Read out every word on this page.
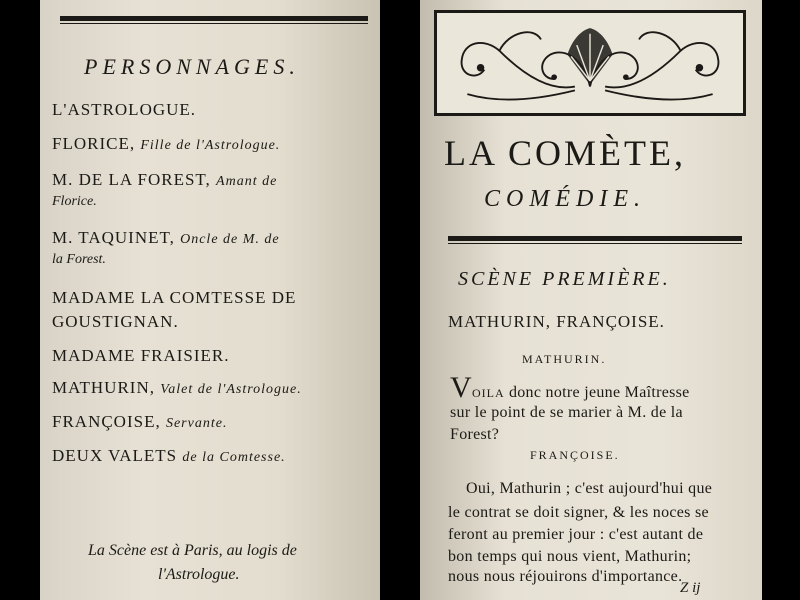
PERSONNAGES.
L'ASTROLOGUE.
FLORICE, Fille de l'Astrologue.
M. DE LA FOREST, Amant de
Florice.
M. TAQUINET, Oncle de M. de
la Forest.
MADAME LA COMTESSE DE
GOUSTIGNAN.
MADAME FRAISIER.
MATHURIN, Valet de l'Astrologue.
FRANÇOISE, Servante.
DEUX VALETS de la Comtesse.
La Scène est à Paris, au logis de
l'Astrologue.
LA COMÈTE,
COMÉDIE.
SCÈNE PREMIÈRE.
MATHURIN, FRANÇOISE.
MATHURIN.
VOILA donc notre jeune Maîtresse
sur le point de se marier à M. de la
Forest?
FRANÇOISE.
Oui, Mathurin ; c'est aujourd'hui que
le contrat se doit signer, & les noces se
feront au premier jour : c'est autant de
bon temps qui nous vient, Mathurin;
nous nous réjouirons d'importance.
Z ij
